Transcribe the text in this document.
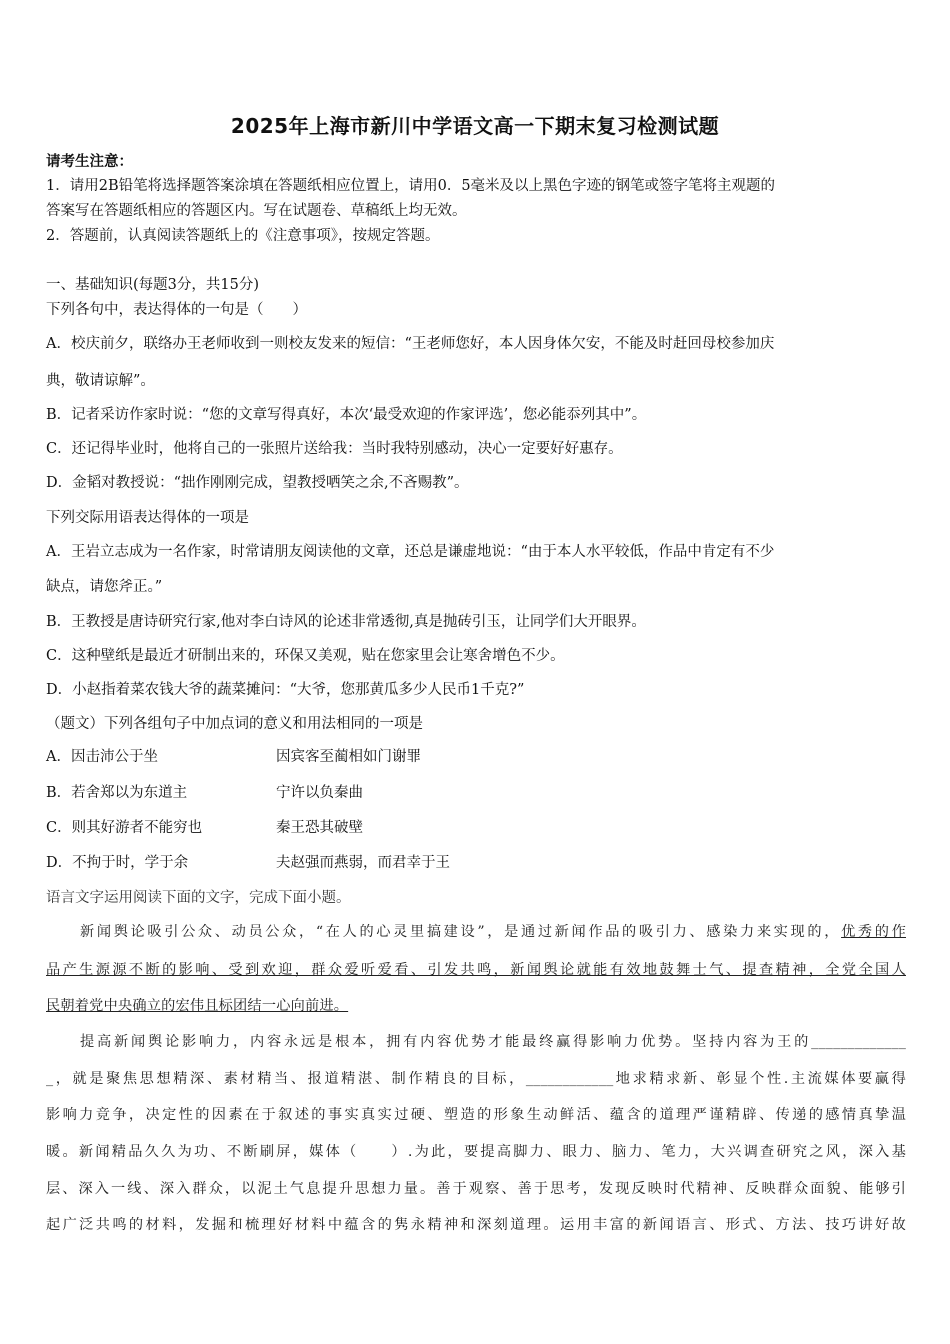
2025年上海市新川中学语文高一下期末复习检测试题
请考生注意：
1．请用2B铅笔将选择题答案涂填在答题纸相应位置上，请用0．5毫米及以上黑色字迹的钢笔或签字笔将主观题的
答案写在答题纸相应的答题区内。写在试题卷、草稿纸上均无效。
2．答题前，认真阅读答题纸上的《注意事项》，按规定答题。
一、基础知识(每题3分，共15分)
下列各句中，表达得体的一句是（　　）
A．校庆前夕，联络办王老师收到一则校友发来的短信：“王老师您好，本人因身体欠安，不能及时赶回母校参加庆
典，敬请谅解”。
B．记者采访作家时说：“您的文章写得真好，本次‘最受欢迎的作家评选’，您必能忝列其中”。
C．还记得毕业时，他将自己的一张照片送给我：当时我特别感动，决心一定要好好惠存。
D．金韬对教授说：“拙作刚刚完成，望教授哂笑之余,不吝赐教”。
下列交际用语表达得体的一项是
A．王岩立志成为一名作家，时常请朋友阅读他的文章，还总是谦虚地说：“由于本人水平较低，作品中肯定有不少
缺点，请您斧正。”
B．王教授是唐诗研究行家,他对李白诗风的论述非常透彻,真是抛砖引玉，让同学们大开眼界。
C．这种壁纸是最近才研制出来的，环保又美观，贴在您家里会让寒舍增色不少。
D．小赵指着菜农钱大爷的蔬菜摊问：“大爷，您那黄瓜多少人民币1千克?”
（题文）下列各组句子中加点词的意义和用法相同的一项是
A．因击沛公于坐	因宾客至蔺相如门谢罪
B．若舍郑以为东道主	宁许以负秦曲
C．则其好游者不能穷也	秦王恐其破壁
D．不拘于时，学于余	夫赵强而燕弱，而君幸于王
语言文字运用阅读下面的文字，完成下面小题。
新闻舆论吸引公众、动员公众，“在人的心灵里搞建设”，是通过新闻作品的吸引力、感染力来实现的，优秀的作
品产生源源不断的影响、受到欢迎，群众爱听爱看、引发共鸣，新闻舆论就能有效地鼓舞士气、提查精神，全党全国人
民朝着党中央确立的宏伟且标团结一心向前进。
提高新闻舆论影响力，内容永远是根本，拥有内容优势才能最终赢得影响力优势。坚持内容为王的_____________
_，就是聚焦思想精深、素材精当、报道精湛、制作精良的目标，____________地求精求新、彰显个性.主流媒体要赢得
影响力竞争，决定性的因素在于叙述的事实真实过硬、塑造的形象生动鲜活、蕴含的道理严谨精辟、传递的感情真挚温
暖。新闻精品久久为功、不断刷屏，媒体（　　）.为此，要提高脚力、眼力、脑力、笔力，大兴调查研究之风，深入基
层、深入一线、深入群众，以泥土气息提升思想力量。善于观察、善于思考，发现反映时代精神、反映群众面貌、能够引
起广泛共鸣的材料，发掘和梳理好材料中蕴含的隽永精神和深刻道理。运用丰富的新闻语言、形式、方法、技巧讲好故
